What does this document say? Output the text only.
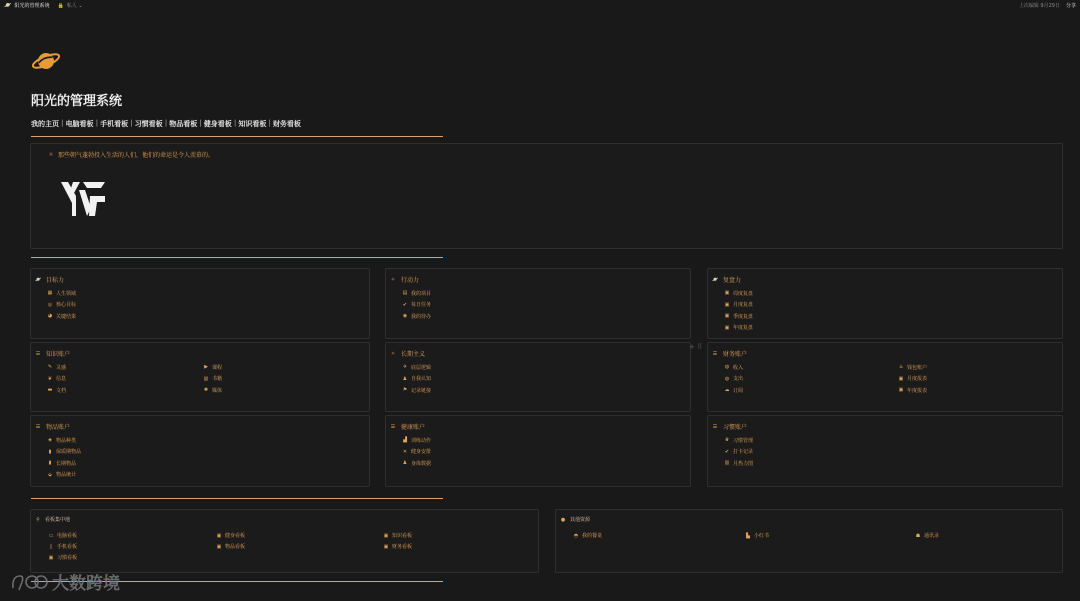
🪐 阳光的管理系统 🔒 私人 ⌄	上次编辑 9月29日 分享
阳光的管理系统
我的主页 | 电脑看板 | 手机看板 | 习惯看板 | 物品看板 | 健身看板 | 知识看板 | 财务看板
☼ 那些朝气蓬勃投入生活的人们，他们的命运是令人羡慕的。
🪐 目标力
▦ 人生领域
◎ 核心目标
◕ 关键结果
✧ 行动力
▤ 我的项目
✔ 每日任务
◉ 我的待办
🪐 复盘力
▣ 周度复盘
▣ 月度复盘
▣ 季度复盘
▣ 年度复盘
☰ 知识账户
✎ 灵感
❦ 信息
▬ 文档
▶ 课程
▥ 书籍
✺ 媒体
✧ 长期主义
✈ 底层逻辑
♟ 自我认知
⚑ 记录链接
☰ 财务账户
◍ 收入
◍ 支出
☁ 订阅
⌂ 钱包账户
▣ 月度报表
▣ 年度报表
☰ 物品账户
◈ 物品种类
▮ 保质期物品
▮ 长期物品
⬙ 物品统计
☰ 健康账户
▟ 训练动作
✕ 健身安排
♟ 身体数据
☰ 习惯账户
♛ 习惯管理
✔ 打卡记录
▥ 月热力图
+ ⠿
⚲ 看板集中地
▭ 电脑看板
▯ 手机看板
▣ 习惯看板
▣ 健身看板
▣ 物品看板
▣ 知识看板
▣ 财务看板
● 其他资源
◓ 我的餐桌	▙ 小红书	☗ 通讯录
大数跨境
